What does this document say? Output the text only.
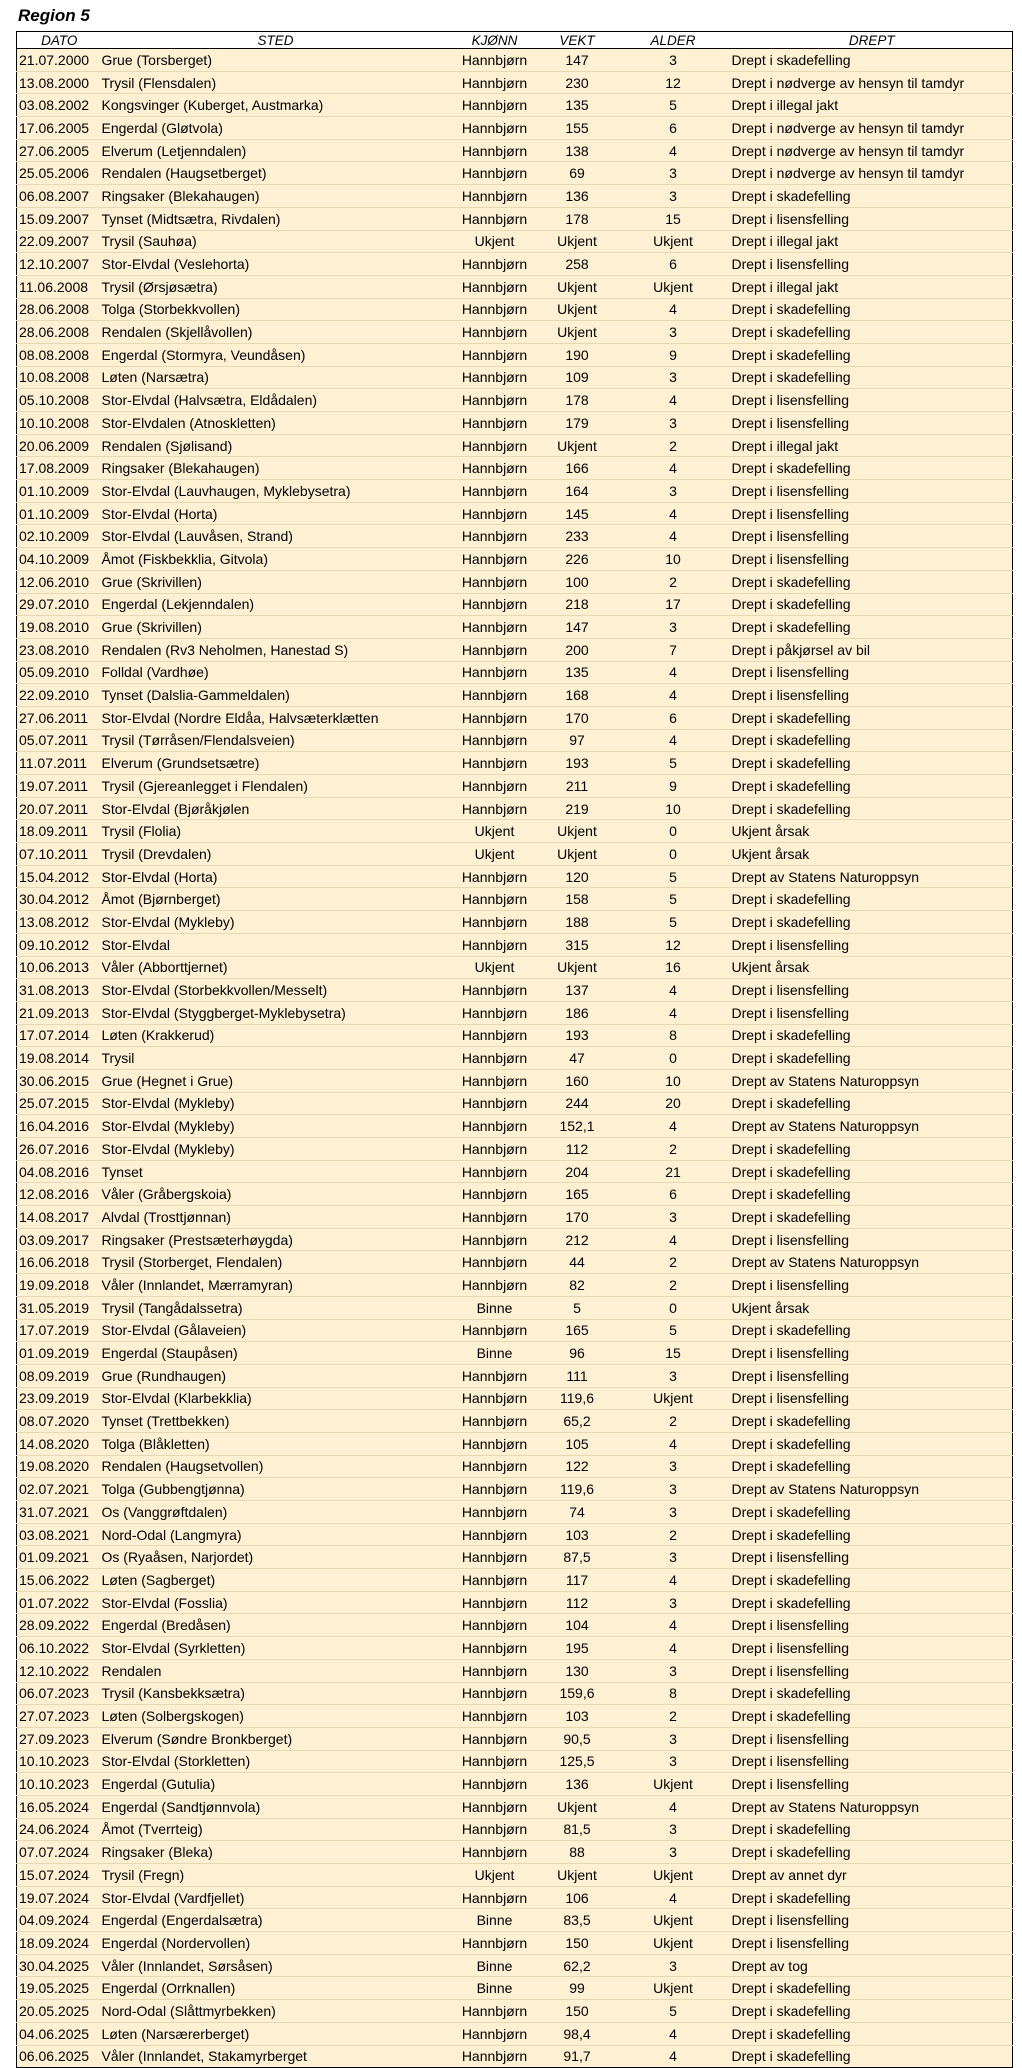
Region 5
DATO	STED	KJØNN	VEKT	ALDER	DREPT
21.07.2000	Grue (Torsberget)	Hannbjørn	147	3	Drept i skadefelling
13.08.2000	Trysil (Flensdalen)	Hannbjørn	230	12	Drept i nødverge av hensyn til tamdyr
03.08.2002	Kongsvinger (Kuberget, Austmarka)	Hannbjørn	135	5	Drept i illegal jakt
17.06.2005	Engerdal (Gløtvola)	Hannbjørn	155	6	Drept i nødverge av hensyn til tamdyr
27.06.2005	Elverum (Letjenndalen)	Hannbjørn	138	4	Drept i nødverge av hensyn til tamdyr
25.05.2006	Rendalen (Haugsetberget)	Hannbjørn	69	3	Drept i nødverge av hensyn til tamdyr
06.08.2007	Ringsaker (Blekahaugen)	Hannbjørn	136	3	Drept i skadefelling
15.09.2007	Tynset (Midtsætra, Rivdalen)	Hannbjørn	178	15	Drept i lisensfelling
22.09.2007	Trysil (Sauhøa)	Ukjent	Ukjent	Ukjent	Drept i illegal jakt
12.10.2007	Stor-Elvdal (Veslehorta)	Hannbjørn	258	6	Drept i lisensfelling
11.06.2008	Trysil (Ørsjøsætra)	Hannbjørn	Ukjent	Ukjent	Drept i illegal jakt
28.06.2008	Tolga (Storbekkvollen)	Hannbjørn	Ukjent	4	Drept i skadefelling
28.06.2008	Rendalen (Skjellåvollen)	Hannbjørn	Ukjent	3	Drept i skadefelling
08.08.2008	Engerdal (Stormyra, Veundåsen)	Hannbjørn	190	9	Drept i skadefelling
10.08.2008	Løten (Narsætra)	Hannbjørn	109	3	Drept i skadefelling
05.10.2008	Stor-Elvdal (Halvsætra, Eldådalen)	Hannbjørn	178	4	Drept i lisensfelling
10.10.2008	Stor-Elvdalen (Atnoskletten)	Hannbjørn	179	3	Drept i lisensfelling
20.06.2009	Rendalen (Sjølisand)	Hannbjørn	Ukjent	2	Drept i illegal jakt
17.08.2009	Ringsaker (Blekahaugen)	Hannbjørn	166	4	Drept i skadefelling
01.10.2009	Stor-Elvdal (Lauvhaugen, Myklebysetra)	Hannbjørn	164	3	Drept i lisensfelling
01.10.2009	Stor-Elvdal (Horta)	Hannbjørn	145	4	Drept i lisensfelling
02.10.2009	Stor-Elvdal (Lauvåsen, Strand)	Hannbjørn	233	4	Drept i lisensfelling
04.10.2009	Åmot (Fiskbekklia, Gitvola)	Hannbjørn	226	10	Drept i lisensfelling
12.06.2010	Grue (Skrivillen)	Hannbjørn	100	2	Drept i skadefelling
29.07.2010	Engerdal (Lekjenndalen)	Hannbjørn	218	17	Drept i skadefelling
19.08.2010	Grue (Skrivillen)	Hannbjørn	147	3	Drept i skadefelling
23.08.2010	Rendalen (Rv3 Neholmen, Hanestad S)	Hannbjørn	200	7	Drept i påkjørsel av bil
05.09.2010	Folldal (Vardhøe)	Hannbjørn	135	4	Drept i lisensfelling
22.09.2010	Tynset (Dalslia-Gammeldalen)	Hannbjørn	168	4	Drept i lisensfelling
27.06.2011	Stor-Elvdal (Nordre Eldåa, Halvsæterklætten	Hannbjørn	170	6	Drept i skadefelling
05.07.2011	Trysil (Tørråsen/Flendalsveien)	Hannbjørn	97	4	Drept i skadefelling
11.07.2011	Elverum (Grundsetsætre)	Hannbjørn	193	5	Drept i skadefelling
19.07.2011	Trysil (Gjereanlegget i Flendalen)	Hannbjørn	211	9	Drept i skadefelling
20.07.2011	Stor-Elvdal (Bjøråkjølen	Hannbjørn	219	10	Drept i skadefelling
18.09.2011	Trysil (Flolia)	Ukjent	Ukjent	0	Ukjent årsak
07.10.2011	Trysil (Drevdalen)	Ukjent	Ukjent	0	Ukjent årsak
15.04.2012	Stor-Elvdal (Horta)	Hannbjørn	120	5	Drept av Statens Naturoppsyn
30.04.2012	Åmot (Bjørnberget)	Hannbjørn	158	5	Drept i skadefelling
13.08.2012	Stor-Elvdal (Mykleby)	Hannbjørn	188	5	Drept i skadefelling
09.10.2012	Stor-Elvdal	Hannbjørn	315	12	Drept i lisensfelling
10.06.2013	Våler (Abborttjernet)	Ukjent	Ukjent	16	Ukjent årsak
31.08.2013	Stor-Elvdal (Storbekkvollen/Messelt)	Hannbjørn	137	4	Drept i lisensfelling
21.09.2013	Stor-Elvdal (Styggberget-Myklebysetra)	Hannbjørn	186	4	Drept i lisensfelling
17.07.2014	Løten (Krakkerud)	Hannbjørn	193	8	Drept i skadefelling
19.08.2014	Trysil	Hannbjørn	47	0	Drept i skadefelling
30.06.2015	Grue (Hegnet i Grue)	Hannbjørn	160	10	Drept av Statens Naturoppsyn
25.07.2015	Stor-Elvdal (Mykleby)	Hannbjørn	244	20	Drept i skadefelling
16.04.2016	Stor-Elvdal (Mykleby)	Hannbjørn	152,1	4	Drept av Statens Naturoppsyn
26.07.2016	Stor-Elvdal (Mykleby)	Hannbjørn	112	2	Drept i skadefelling
04.08.2016	Tynset	Hannbjørn	204	21	Drept i skadefelling
12.08.2016	Våler (Gråbergskoia)	Hannbjørn	165	6	Drept i skadefelling
14.08.2017	Alvdal (Trosttjønnan)	Hannbjørn	170	3	Drept i skadefelling
03.09.2017	Ringsaker (Prestsæterhøygda)	Hannbjørn	212	4	Drept i lisensfelling
16.06.2018	Trysil (Storberget, Flendalen)	Hannbjørn	44	2	Drept av Statens Naturoppsyn
19.09.2018	Våler (Innlandet, Mærramyran)	Hannbjørn	82	2	Drept i lisensfelling
31.05.2019	Trysil (Tangådalssetra)	Binne	5	0	Ukjent årsak
17.07.2019	Stor-Elvdal (Gålaveien)	Hannbjørn	165	5	Drept i skadefelling
01.09.2019	Engerdal (Staupåsen)	Binne	96	15	Drept i lisensfelling
08.09.2019	Grue (Rundhaugen)	Hannbjørn	111	3	Drept i lisensfelling
23.09.2019	Stor-Elvdal (Klarbekklia)	Hannbjørn	119,6	Ukjent	Drept i lisensfelling
08.07.2020	Tynset (Trettbekken)	Hannbjørn	65,2	2	Drept i skadefelling
14.08.2020	Tolga (Blåkletten)	Hannbjørn	105	4	Drept i skadefelling
19.08.2020	Rendalen (Haugsetvollen)	Hannbjørn	122	3	Drept i skadefelling
02.07.2021	Tolga (Gubbengtjønna)	Hannbjørn	119,6	3	Drept av Statens Naturoppsyn
31.07.2021	Os (Vanggrøftdalen)	Hannbjørn	74	3	Drept i skadefelling
03.08.2021	Nord-Odal (Langmyra)	Hannbjørn	103	2	Drept i skadefelling
01.09.2021	Os (Ryaåsen, Narjordet)	Hannbjørn	87,5	3	Drept i lisensfelling
15.06.2022	Løten (Sagberget)	Hannbjørn	117	4	Drept i skadefelling
01.07.2022	Stor-Elvdal (Fosslia)	Hannbjørn	112	3	Drept i skadefelling
28.09.2022	Engerdal (Bredåsen)	Hannbjørn	104	4	Drept i lisensfelling
06.10.2022	Stor-Elvdal (Syrkletten)	Hannbjørn	195	4	Drept i lisensfelling
12.10.2022	Rendalen	Hannbjørn	130	3	Drept i lisensfelling
06.07.2023	Trysil (Kansbekksætra)	Hannbjørn	159,6	8	Drept i skadefelling
27.07.2023	Løten (Solbergskogen)	Hannbjørn	103	2	Drept i skadefelling
27.09.2023	Elverum (Søndre Bronkberget)	Hannbjørn	90,5	3	Drept i lisensfelling
10.10.2023	Stor-Elvdal (Storkletten)	Hannbjørn	125,5	3	Drept i lisensfelling
10.10.2023	Engerdal (Gutulia)	Hannbjørn	136	Ukjent	Drept i lisensfelling
16.05.2024	Engerdal (Sandtjønnvola)	Hannbjørn	Ukjent	4	Drept av Statens Naturoppsyn
24.06.2024	Åmot (Tverrteig)	Hannbjørn	81,5	3	Drept i skadefelling
07.07.2024	Ringsaker (Bleka)	Hannbjørn	88	3	Drept i skadefelling
15.07.2024	Trysil (Fregn)	Ukjent	Ukjent	Ukjent	Drept av annet dyr
19.07.2024	Stor-Elvdal (Vardfjellet)	Hannbjørn	106	4	Drept i skadefelling
04.09.2024	Engerdal (Engerdalsætra)	Binne	83,5	Ukjent	Drept i lisensfelling
18.09.2024	Engerdal (Nordervollen)	Hannbjørn	150	Ukjent	Drept i lisensfelling
30.04.2025	Våler (Innlandet, Sørsåsen)	Binne	62,2	3	Drept av tog
19.05.2025	Engerdal (Orrknallen)	Binne	99	Ukjent	Drept i skadefelling
20.05.2025	Nord-Odal (Slåttmyrbekken)	Hannbjørn	150	5	Drept i skadefelling
04.06.2025	Løten (Narsærerberget)	Hannbjørn	98,4	4	Drept i skadefelling
06.06.2025	Våler (Innlandet, Stakamyrberget	Hannbjørn	91,7	4	Drept i skadefelling
